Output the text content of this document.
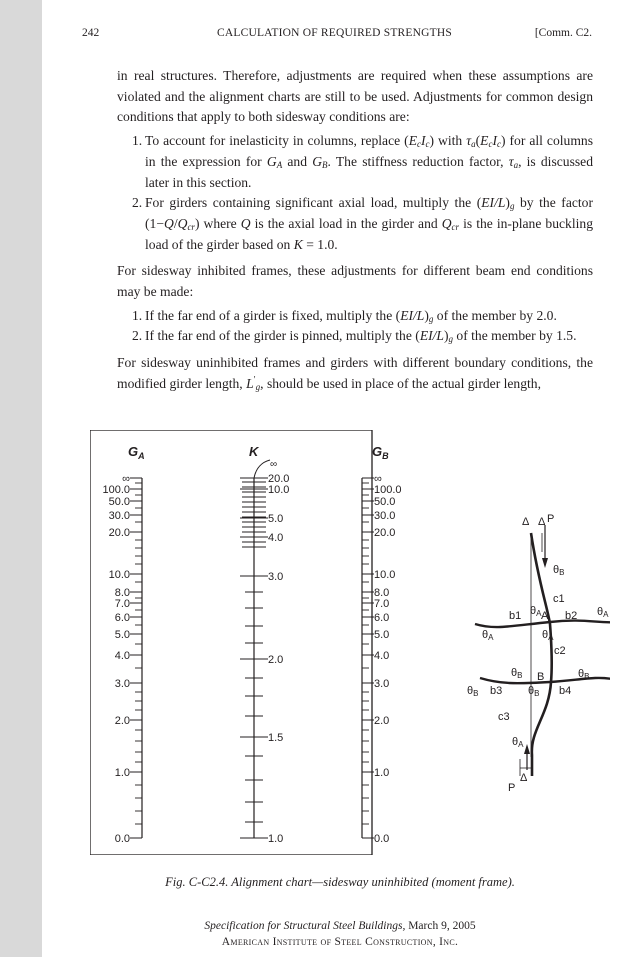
242	CALCULATION OF REQUIRED STRENGTHS	[Comm. C2.

in real structures. Therefore, adjustments are required when these assumptions are violated and the alignment charts are still to be used. Adjustments for common design conditions that apply to both sidesway conditions are:

1. To account for inelasticity in columns, replace $(E_cI_c)$ with $\tau_a(E_cI_c)$ for all columns in the expression for $G_A$ and $G_B$. The stiffness reduction factor, $\tau_a$, is discussed later in this section.

2. For girders containing significant axial load, multiply the $(EI/L)_g$ by the factor $(1-Q/Q_{cr})$ where Q is the axial load in the girder and $Q_{cr}$ is the in-plane buckling load of the girder based on K = 1.0.

For sidesway inhibited frames, these adjustments for different beam end conditions may be made:

1. If the far end of a girder is fixed, multiply the $(EI/L)_g$ of the member by 2.0.

2. If the far end of the girder is pinned, multiply the $(EI/L)_g$ of the member by 1.5.

For sidesway uninhibited frames and girders with different boundary conditions, the modified girder length, $L'_g$, should be used in place of the actual girder length,

$G_A$	K	$G_B$
∞
100.0
50.0
30.0
20.0
10.0
8.0
7.0
6.0
5.0
4.0
3.0
2.0
1.0
0.0
∞
20.0
10.0
5.0
4.0
3.0
2.0
1.5
1.0
∞
100.0
50.0
30.0
20.0
10.0
8.0
7.0
6.0
5.0
4.0
3.0
2.0
1.0
0.0
Δ Δ P
θB
c1
b1 θA A b2 θA
θA	θA
c2
θB B	θB
θB b3 θB b4
c3
θA
Δ
P
Fig. C-C2.4. Alignment chart—sidesway uninhibited (moment frame).
Specification for Structural Steel Buildings, March 9, 2005
American Institute of Steel Construction, Inc.
